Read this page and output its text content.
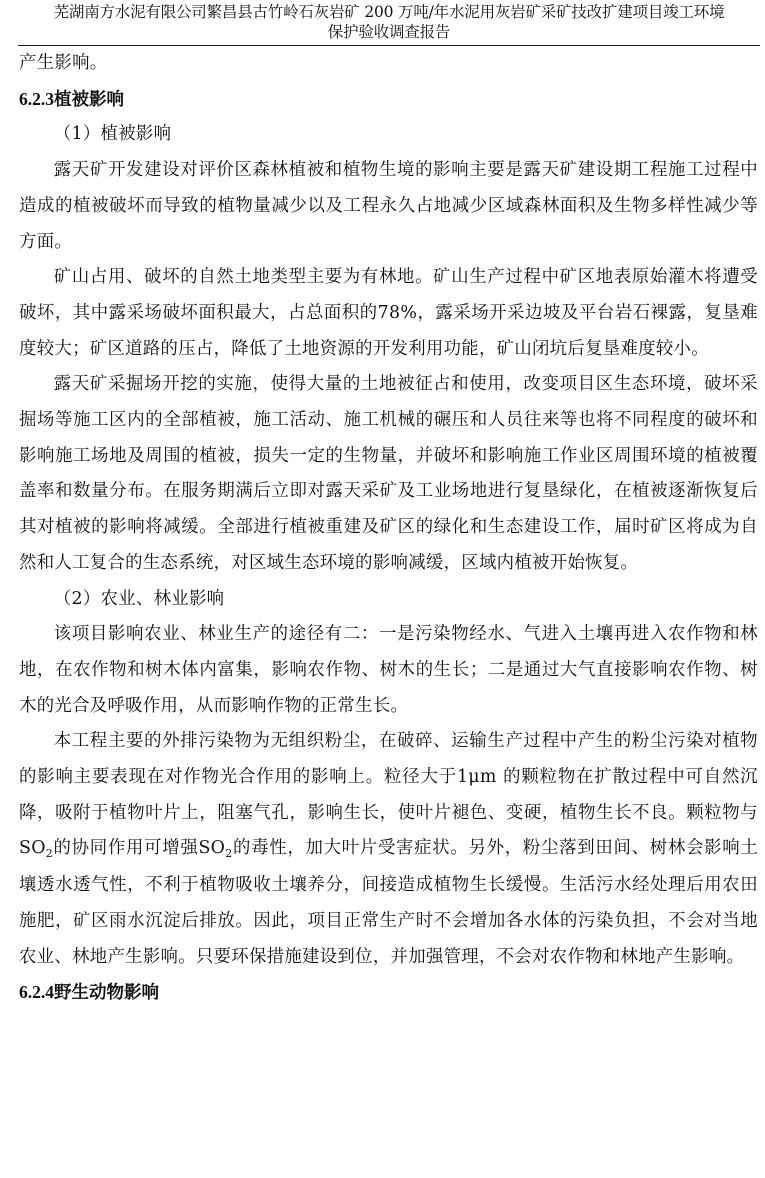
芜湖南方水泥有限公司繁昌县古竹岭石灰岩矿 200 万吨/年水泥用灰岩矿采矿技改扩建项目竣工环境
保护验收调查报告

产生影响。

6.2.3植被影响

（1）植被影响

露天矿开发建设对评价区森林植被和植物生境的影响主要是露天矿建设期工程施工过程中造成的植被破坏而导致的植物量减少以及工程永久占地减少区域森林面积及生物多样性减少等方面。

矿山占用、破坏的自然土地类型主要为有林地。矿山生产过程中矿区地表原始灌木将遭受破坏，其中露采场破坏面积最大，占总面积的78%，露采场开采边坡及平台岩石裸露，复垦难度较大；矿区道路的压占，降低了土地资源的开发利用功能，矿山闭坑后复垦难度较小。

露天矿采掘场开挖的实施，使得大量的土地被征占和使用，改变项目区生态环境，破坏采掘场等施工区内的全部植被，施工活动、施工机械的碾压和人员往来等也将不同程度的破坏和影响施工场地及周围的植被，损失一定的生物量，并破坏和影响施工作业区周围环境的植被覆盖率和数量分布。在服务期满后立即对露天采矿及工业场地进行复垦绿化，在植被逐渐恢复后其对植被的影响将减缓。全部进行植被重建及矿区的绿化和生态建设工作，届时矿区将成为自然和人工复合的生态系统，对区域生态环境的影响减缓，区域内植被开始恢复。

（2）农业、林业影响

该项目影响农业、林业生产的途径有二：一是污染物经水、气进入土壤再进入农作物和林地，在农作物和树木体内富集，影响农作物、树木的生长；二是通过大气直接影响农作物、树木的光合及呼吸作用，从而影响作物的正常生长。

本工程主要的外排污染物为无组织粉尘，在破碎、运输生产过程中产生的粉尘污染对植物的影响主要表现在对作物光合作用的影响上。粒径大于1μm 的颗粒物在扩散过程中可自然沉降，吸附于植物叶片上，阻塞气孔，影响生长，使叶片褪色、变硬，植物生长不良。颗粒物与$SO_2$的协同作用可增强$SO_2$的毒性，加大叶片受害症状。另外，粉尘落到田间、树林会影响土壤透水透气性，不利于植物吸收土壤养分，间接造成植物生长缓慢。生活污水经处理后用农田施肥，矿区雨水沉淀后排放。因此，项目正常生产时不会增加各水体的污染负担，不会对当地农业、林地产生影响。只要环保措施建设到位，并加强管理，不会对农作物和林地产生影响。

6.2.4野生动物影响
